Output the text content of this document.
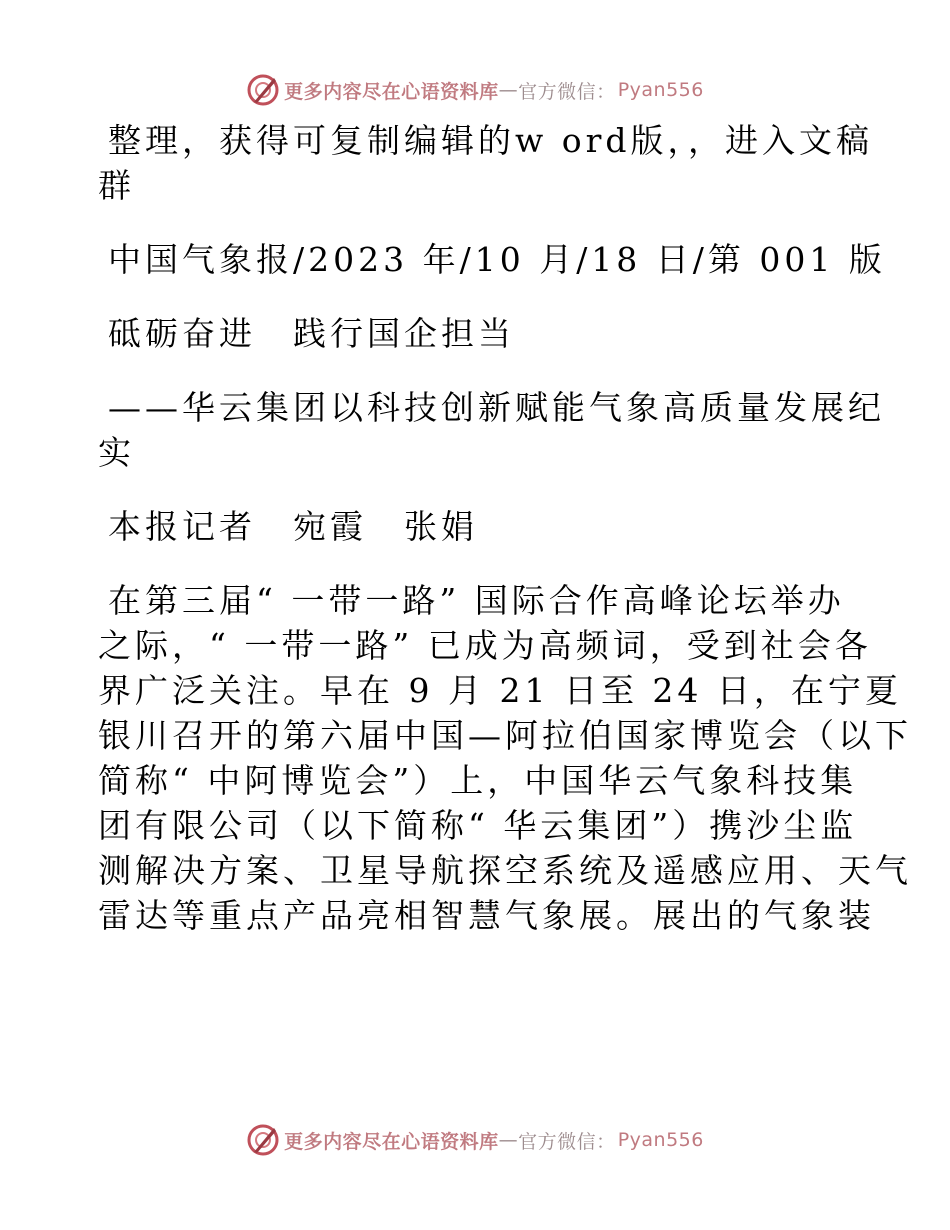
更多内容尽在心语资料库 — 官方微信： Pyan556
整理，获得可复制编辑的w ord版，，进入文稿
群
中国气象报/2023 年/10 月/18 日/第 001 版
砥砺奋进　践行国企担当
——华云集团以科技创新赋能气象高质量发展纪
实
本报记者　宛霞　张娟
在第三届“ 一带一路” 国际合作高峰论坛举办
之际，“ 一带一路” 已成为高频词，受到社会各
界广泛关注。早在 9 月 21 日至 24 日，在宁夏
银川召开的第六届中国—阿拉伯国家博览会（以下
简称“ 中阿博览会”）上，中国华云气象科技集
团有限公司（以下简称“ 华云集团”）携沙尘监
测解决方案、卫星导航探空系统及遥感应用、天气
雷达等重点产品亮相智慧气象展。展出的气象装
更多内容尽在心语资料库 — 官方微信： Pyan556
